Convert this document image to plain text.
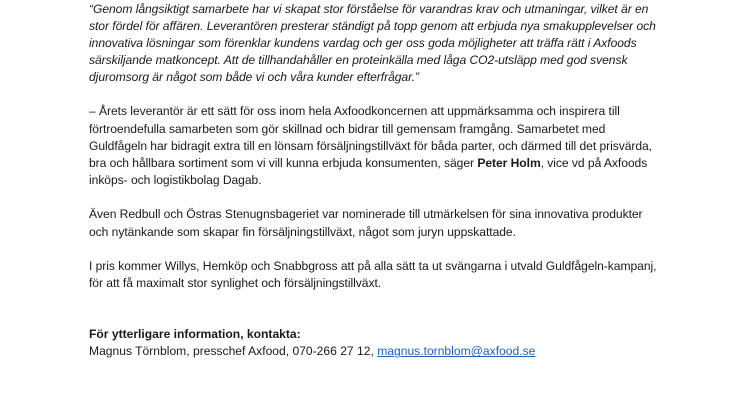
“Genom långsiktigt samarbete har vi skapat stor förståelse för varandras krav och utmaningar, vilket är en stor fördel för affären. Leverantören presterar ständigt på topp genom att erbjuda nya smakupplevelser och innovativa lösningar som förenklar kundens vardag och ger oss goda möjligheter att träffa rätt i Axfoods särskiljande matkoncept. Att de tillhandahåller en proteinkälla med låga CO2-utsläpp med god svensk djuromsorg är något som både vi och våra kunder efterfrågar.”

– Årets leverantör är ett sätt för oss inom hela Axfoodkoncernen att uppmärksamma och inspirera till förtroendefulla samarbeten som gör skillnad och bidrar till gemensam framgång. Samarbetet med Guldfågeln har bidragit extra till en lönsam försäljningstillväxt för båda parter, och därmed till det prisvärda, bra och hållbara sortiment som vi vill kunna erbjuda konsumenten, säger Peter Holm, vice vd på Axfoods inköps- och logistikbolag Dagab.

Även Redbull och Östras Stenugnsbageriet var nominerade till utmärkelsen för sina innovativa produkter och nytänkande som skapar fin försäljningstillväxt, något som juryn uppskattade.

I pris kommer Willys, Hemköp och Snabbgross att på alla sätt ta ut svängarna i utvald Guldfågeln-kampanj, för att få maximalt stor synlighet och försäljningstillväxt.

För ytterligare information, kontakta:

Magnus Törnblom, presschef Axfood, 070-266 27 12, magnus.tornblom@axfood.se
